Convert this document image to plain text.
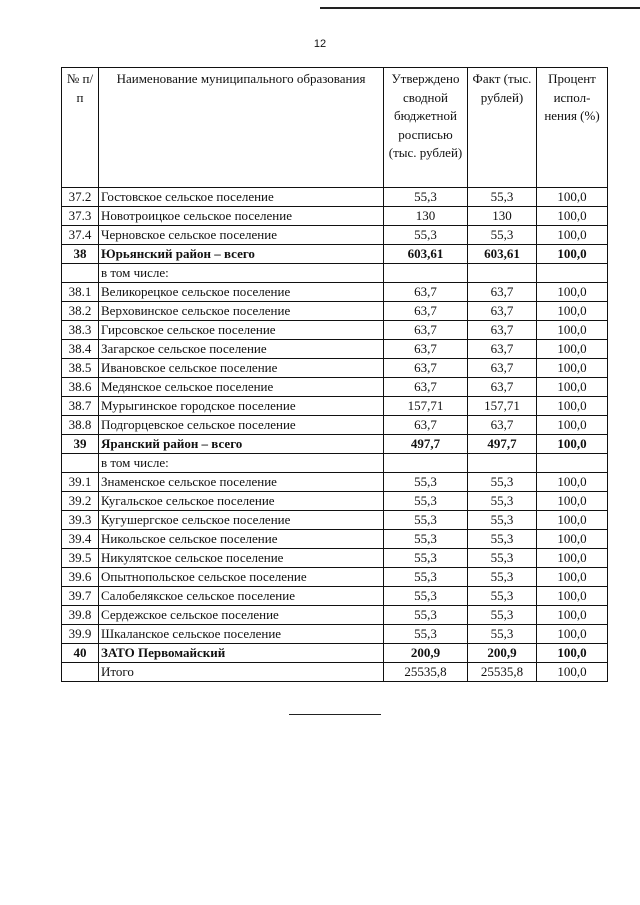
12
№ п/п	Наименование муниципального образования	Утверждено сводной бюджетной росписью (тыс. рублей)	Факт (тыс. рублей)	Процент испол-нения (%)
37.2	Гостовское сельское поселение	55,3	55,3	100,0
37.3	Новотроицкое сельское поселение	130	130	100,0
37.4	Черновское сельское поселение	55,3	55,3	100,0
38	Юрьянский район – всего	603,61	603,61	100,0
	в том числе:			
38.1	Великорецкое сельское поселение	63,7	63,7	100,0
38.2	Верховинское сельское поселение	63,7	63,7	100,0
38.3	Гирсовское сельское поселение	63,7	63,7	100,0
38.4	Загарское сельское поселение	63,7	63,7	100,0
38.5	Ивановское сельское поселение	63,7	63,7	100,0
38.6	Медянское сельское поселение	63,7	63,7	100,0
38.7	Мурыгинское городское поселение	157,71	157,71	100,0
38.8	Подгорцевское сельское поселение	63,7	63,7	100,0
39	Яранский район – всего	497,7	497,7	100,0
	в том числе:			
39.1	Знаменское сельское поселение	55,3	55,3	100,0
39.2	Кугальское сельское поселение	55,3	55,3	100,0
39.3	Кугушергское сельское поселение	55,3	55,3	100,0
39.4	Никольское сельское поселение	55,3	55,3	100,0
39.5	Никулятское сельское поселение	55,3	55,3	100,0
39.6	Опытнопольское сельское поселение	55,3	55,3	100,0
39.7	Салобелякское сельское поселение	55,3	55,3	100,0
39.8	Сердежское сельское поселение	55,3	55,3	100,0
39.9	Шкаланское сельское поселение	55,3	55,3	100,0
40	ЗАТО Первомайский	200,9	200,9	100,0
	Итого	25535,8	25535,8	100,0
